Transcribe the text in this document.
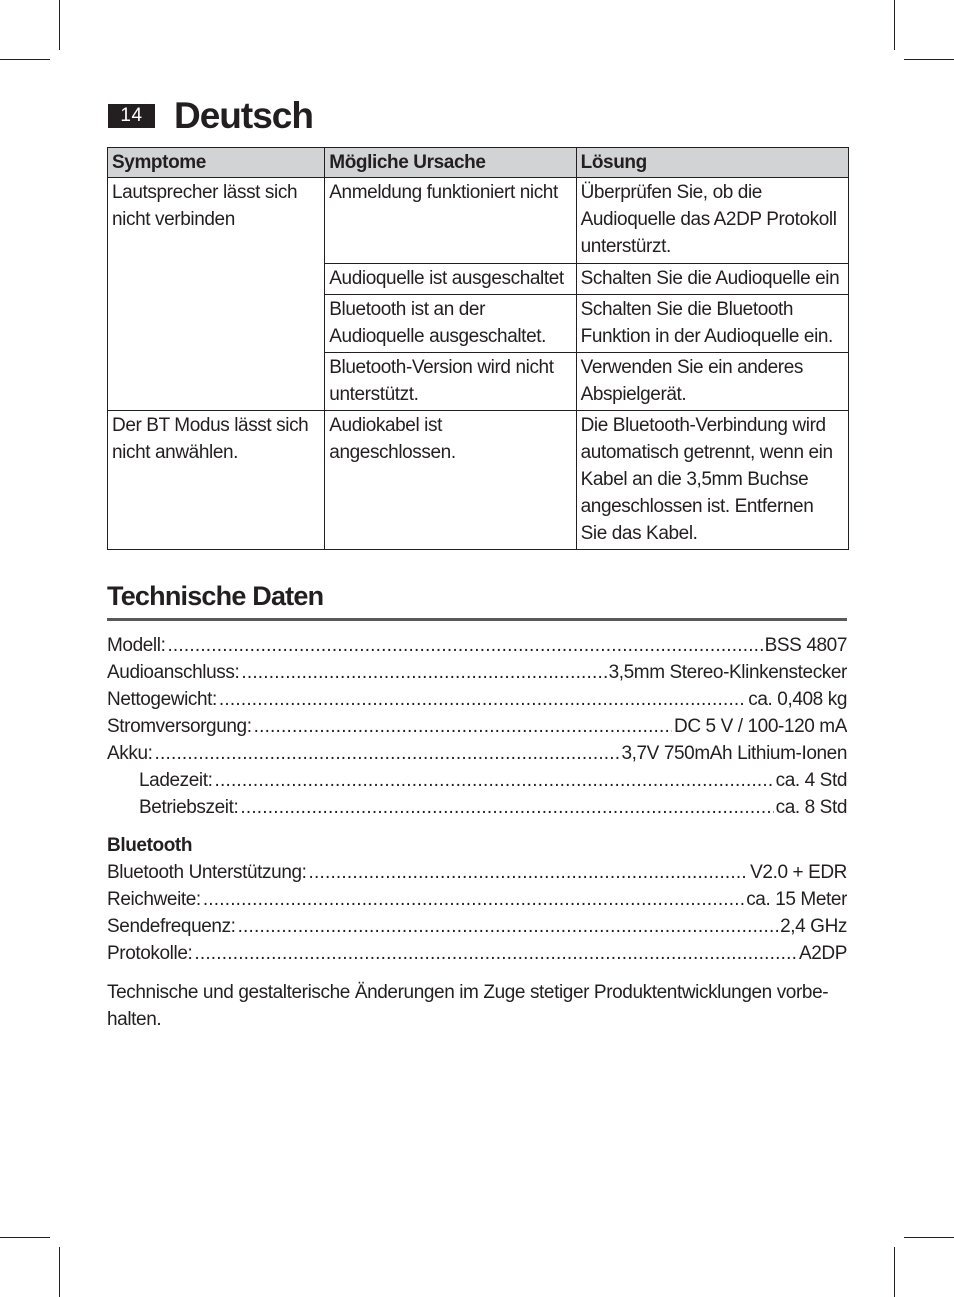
14 Deutsch
Symptome	Mögliche Ursache	Lösung
Lautsprecher lässt sich nicht verbinden	Anmeldung funktioniert nicht	Überprüfen Sie, ob die Audioquelle das A2DP Protokoll unterstürzt.
	Audioquelle ist ausgeschaltet	Schalten Sie die Audioquelle ein
	Bluetooth ist an der Audioquelle ausgeschaltet.	Schalten Sie die Bluetooth Funktion in der Audioquelle ein.
	Bluetooth-Version wird nicht unterstützt.	Verwenden Sie ein anderes Abspielgerät.
Der BT Modus lässt sich nicht anwählen.	Audiokabel ist angeschlossen.	Die Bluetooth-Verbindung wird automatisch getrennt, wenn ein Kabel an die 3,5mm Buchse angeschlossen ist. Entfernen Sie das Kabel.
Technische Daten
Modell: .....	BSS 4807
Audioanschluss: .....	3,5mm Stereo-Klinkenstecker
Nettogewicht: .....	ca. 0,408 kg
Stromversorgung: .....	DC 5 V / 100-120 mA
Akku: .....	3,7V 750mAh Lithium-Ionen
Ladezeit: .....	ca. 4 Std
Betriebszeit: .....	ca. 8 Std
Bluetooth
Bluetooth Unterstützung: .....	V2.0 + EDR
Reichweite: .....	ca. 15 Meter
Sendefrequenz: .....	2,4 GHz
Protokolle: .....	A2DP
Technische und gestalterische Änderungen im Zuge stetiger Produktentwicklungen vorbe-halten.
